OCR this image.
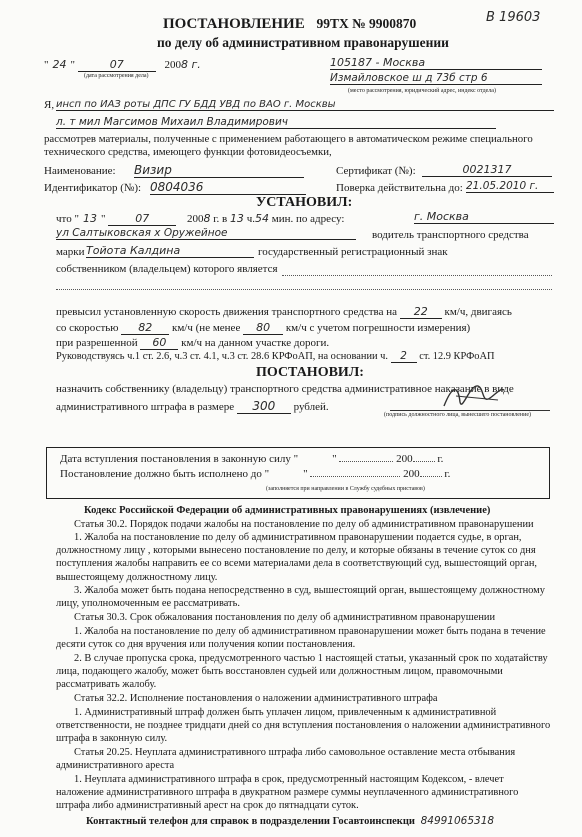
ПОСТАНОВЛЕНИЕ 99ТХ № 9900870	В 19603
по делу об административном правонарушении
" 24 "	07	2008 г.
(дата рассмотрения дела)
105187 - Москва
Измайловское ш д 73б стр 6
(место рассмотрения, юридический адрес, индекс отдела)
Я, инсп по ИАЗ роты ДПС ГУ БДД УВД по ВАО г. Москвы
л. т мил Магсимов Михаил Владимирович
рассмотрев материалы, полученные с применением работающего в автоматическом режиме специального технического средства, имеющего функции фотовидеосъемки,
Наименование: Визир	Сертификат (№):	0021317
Идентификатор (№): 0804036	Поверка действительна до: 21.05.2010 г.
УСТАНОВИЛ:
что " 13 "	07	2008 г. в 13 ч.54 мин. по адресу:	г. Москва
ул Салтыковская х Оружейное	водитель транспортного средства
марки Тойота Калдина	государственный регистрационный знак
собственником (владельцем) которого является
превысил установленную скорость движения транспортного средства на 22 км/ч, двигаясь
со скоростью 82 км/ч (не менее 80 км/ч с учетом погрешности измерения)
при разрешенной 60 км/ч на данном участке дороги.
Руководствуясь ч.1 ст. 2.6, ч.3 ст. 4.1, ч.3 ст. 28.6 КРФоАП, на основании ч. 2 ст. 12.9 КРФоАП
ПОСТАНОВИЛ:
назначить собственнику (владельцу) транспортного средства административное наказание в виде
административного штрафа в размере 300 рублей.
(подпись должностного лица, вынесшего постановление)
Дата вступления постановления в законную силу "	"	200 г.
Постановление должно быть исполнено до "	"	200 г.
(заполняется при направлении в Службу судебных приставов)
Кодекс Российской Федерации об административных правонарушениях (извлечение)
Статья 30.2. Порядок подачи жалобы на постановление по делу об административном правонарушении
1. Жалоба на постановление по делу об административном правонарушении подается судье, в орган, должностному лицу , которыми вынесено постановление по делу, и которые обязаны в течение суток со дня поступления жалобы направить ее со всеми материалами дела в соответствующий суд, вышестоящий орган, вышестоящему должностному лицу.
3. Жалоба может быть подана непосредственно в суд, вышестоящий орган, вышестоящему должностному лицу, уполномоченным ее рассматривать.
Статья 30.3. Срок обжалования постановления по делу об административном правонарушении
1. Жалоба на постановление по делу об административном правонарушении может быть подана в течение десяти суток со дня вручения или получения копии постановления.
2. В случае пропуска срока, предусмотренного частью 1 настоящей статьи, указанный срок по ходатайству лица, подающего жалобу, может быть восстановлен судьей или должностным лицом, правомочными рассматривать жалобу.
Статья 32.2. Исполнение постановления о наложении административного штрафа
1. Административный штраф должен быть уплачен лицом, привлеченным к административной ответственности, не позднее тридцати дней со дня вступления постановления о наложении административного штрафа в законную силу.
Статья 20.25. Неуплата административного штрафа либо самовольное оставление места отбывания административного ареста
1. Неуплата административного штрафа в срок, предусмотренный настоящим Кодексом, - влечет наложение административного штрафа в двукратном размере суммы неуплаченного административного штрафа либо административный арест на срок до пятнадцати суток.
Контактный телефон для справок в подразделении Госавтоинспекци 84991065318
